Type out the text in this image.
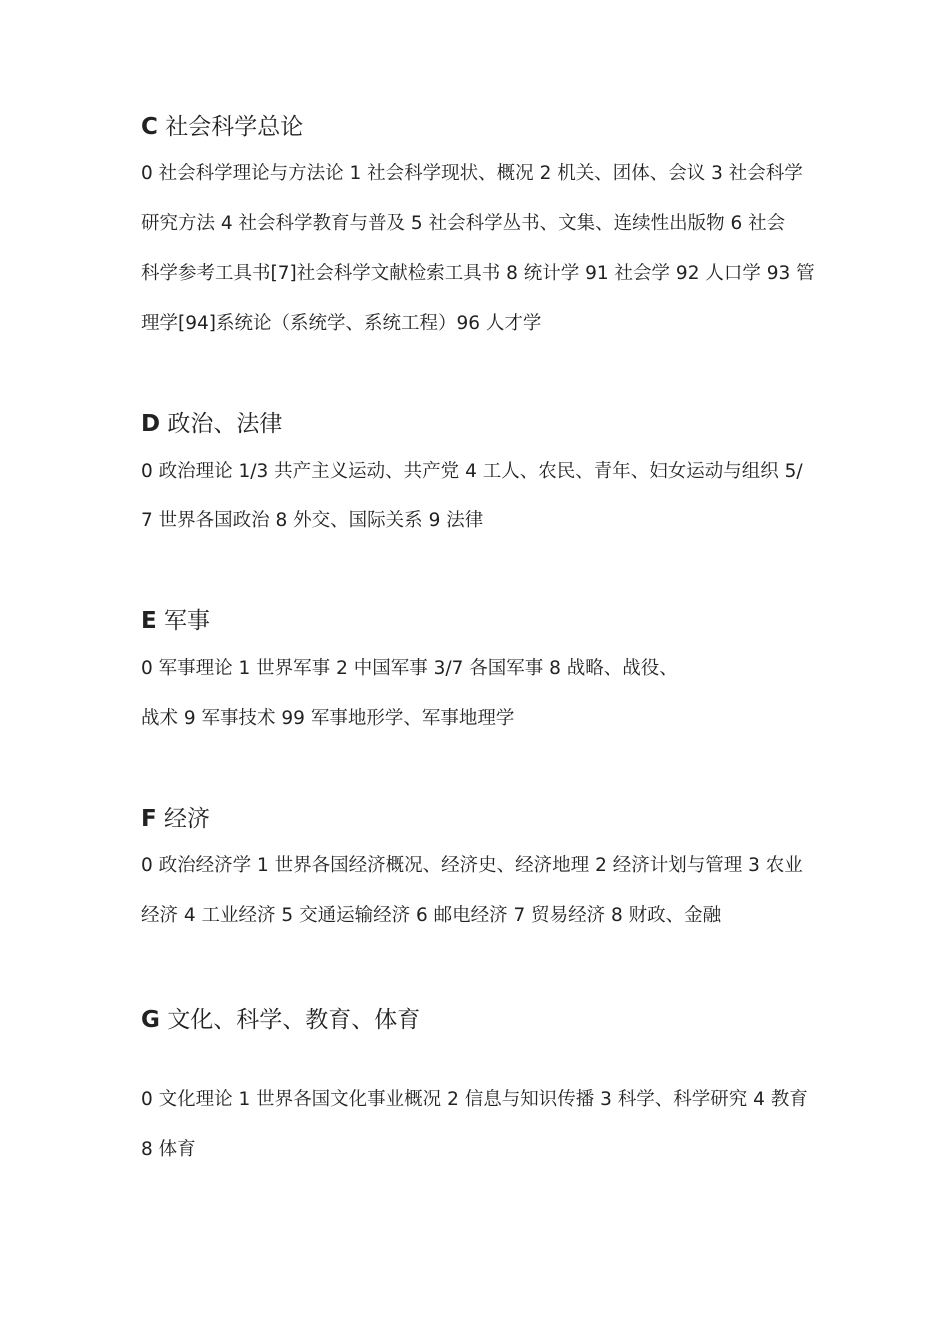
C 社会科学总论

0 社会科学理论与方法论 1 社会科学现状、概况 2 机关、团体、会议 3 社会科学

研究方法 4 社会科学教育与普及 5 社会科学丛书、文集、连续性出版物 6 社会

科学参考工具书[7]社会科学文献检索工具书 8 统计学 91 社会学 92 人口学 93 管

理学[94]系统论（系统学、系统工程）96 人才学

D 政治、法律

0 政治理论 1/3 共产主义运动、共产党 4 工人、农民、青年、妇女运动与组织 5/

7 世界各国政治 8 外交、国际关系 9 法律

E 军事

0 军事理论 1 世界军事 2 中国军事 3/7 各国军事 8 战略、战役、

战术 9 军事技术 99 军事地形学、军事地理学

F 经济

0 政治经济学 1 世界各国经济概况、经济史、经济地理 2 经济计划与管理 3 农业

经济 4 工业经济 5 交通运输经济 6 邮电经济 7 贸易经济 8 财政、金融

G 文化、科学、教育、体育

0 文化理论 1 世界各国文化事业概况 2 信息与知识传播 3 科学、科学研究 4 教育

8 体育
